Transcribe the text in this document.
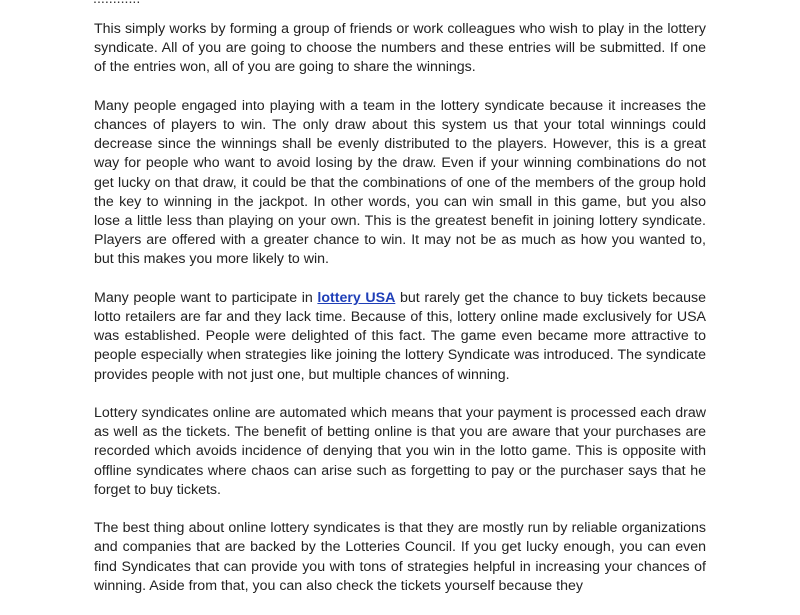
This simply works by forming a group of friends or work colleagues who wish to play in the lottery syndicate. All of you are going to choose the numbers and these entries will be submitted. If one of the entries won, all of you are going to share the winnings.

Many people engaged into playing with a team in the lottery syndicate because it increases the chances of players to win. The only draw about this system us that your total winnings could decrease since the winnings shall be evenly distributed to the players. However, this is a great way for people who want to avoid losing by the draw. Even if your winning combinations do not get lucky on that draw, it could be that the combinations of one of the members of the group hold the key to winning in the jackpot. In other words, you can win small in this game, but you also lose a little less than playing on your own. This is the greatest benefit in joining lottery syndicate. Players are offered with a greater chance to win. It may not be as much as how you wanted to, but this makes you more likely to win.

Many people want to participate in lottery USA but rarely get the chance to buy tickets because lotto retailers are far and they lack time. Because of this, lottery online made exclusively for USA was established. People were delighted of this fact. The game even became more attractive to people especially when strategies like joining the lottery Syndicate was introduced. The syndicate provides people with not just one, but multiple chances of winning.

Lottery syndicates online are automated which means that your payment is processed each draw as well as the tickets. The benefit of betting online is that you are aware that your purchases are recorded which avoids incidence of denying that you win in the lotto game. This is opposite with offline syndicates where chaos can arise such as forgetting to pay or the purchaser says that he forget to buy tickets.

The best thing about online lottery syndicates is that they are mostly run by reliable organizations and companies that are backed by the Lotteries Council. If you get lucky enough, you can even find Syndicates that can provide you with tons of strategies helpful in increasing your chances of winning. Aside from that, you can also check the tickets yourself because they
